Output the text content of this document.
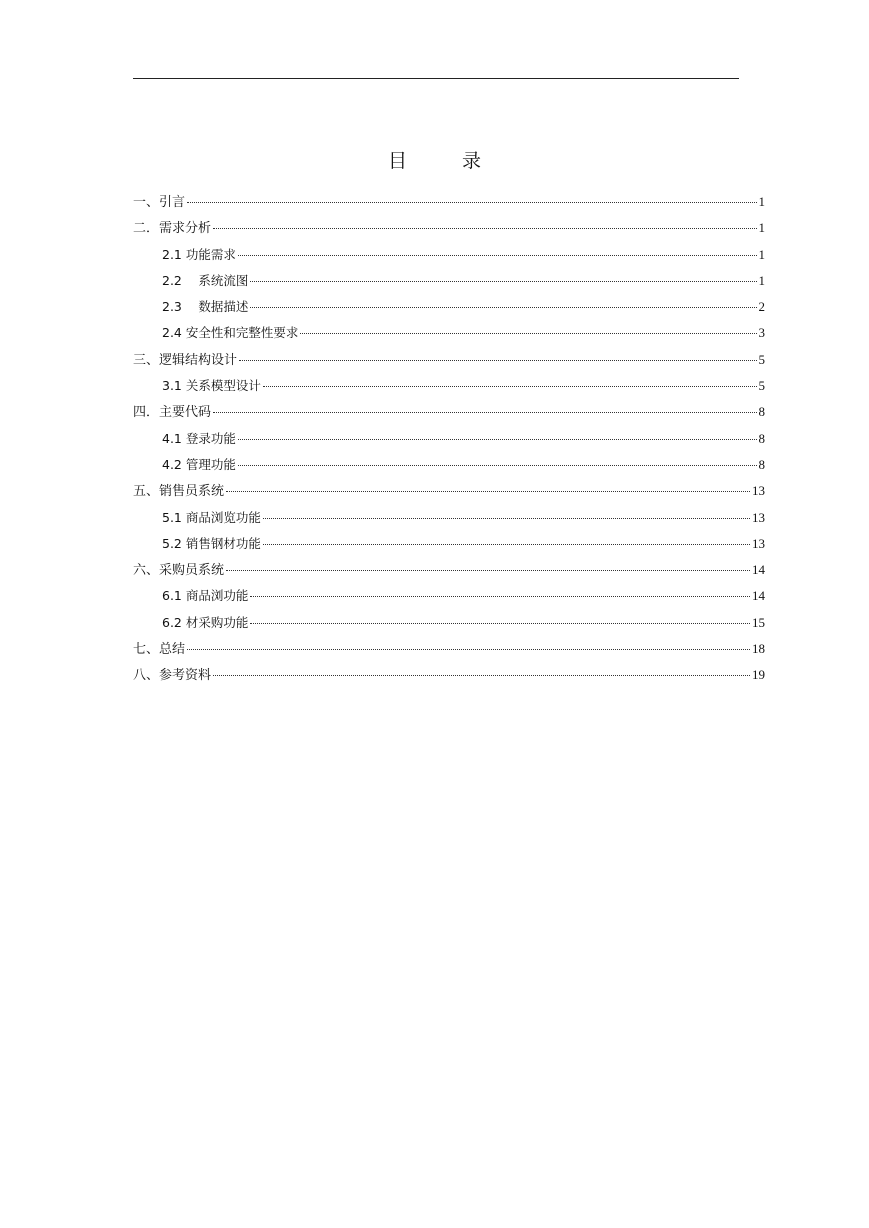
目　录
一、引言	1
二．需求分析	1
2.1 功能需求	1
2.2　 系统流图	1
2.3　 数据描述	2
2.4 安全性和完整性要求	3
三、逻辑结构设计	5
3.1 关系模型设计	5
四．主要代码	8
4.1 登录功能	8
4.2 管理功能	8
五、销售员系统	13
5.1 商品浏览功能	13
5.2 销售钢材功能	13
六、采购员系统	14
6.1 商品浏功能	14
6.2 材采购功能	15
七、总结	18
八、参考资料	19
